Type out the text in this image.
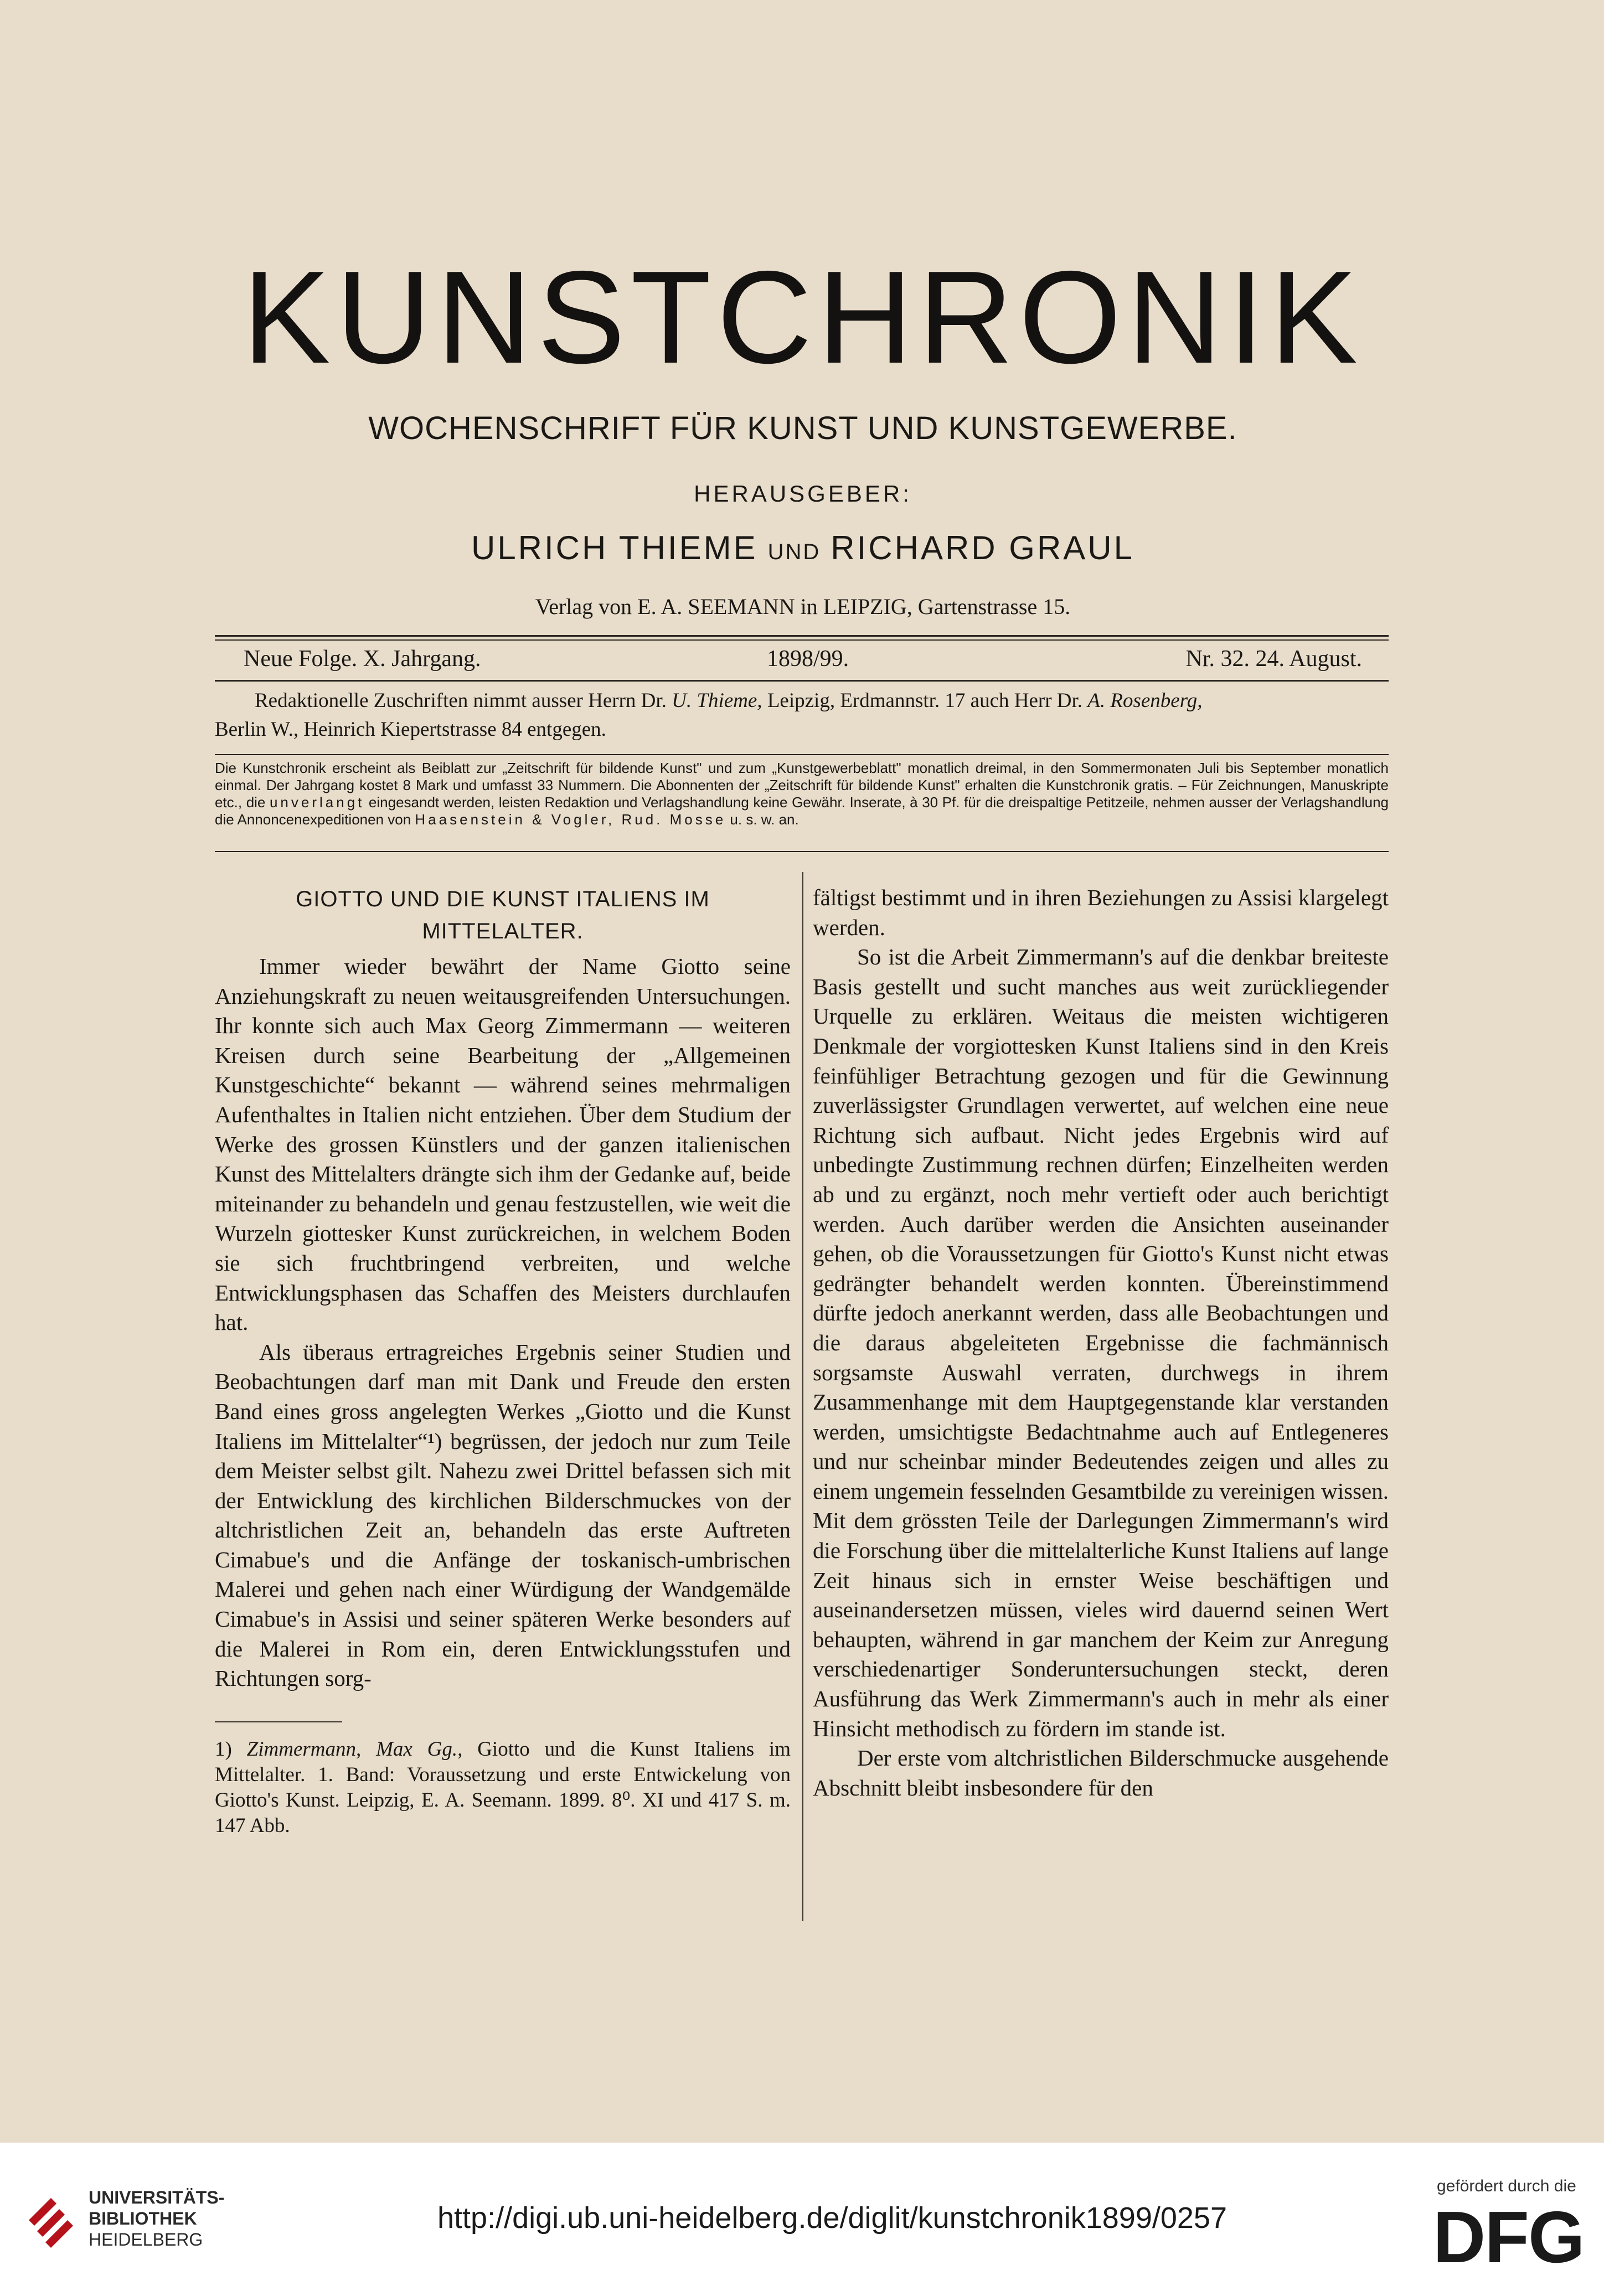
KUNSTCHRONIK
WOCHENSCHRIFT FÜR KUNST UND KUNSTGEWERBE.
HERAUSGEBER:
ULRICH THIEME UND RICHARD GRAUL
Verlag von E. A. SEEMANN in LEIPZIG, Gartenstrasse 15.
Neue Folge. X. Jahrgang.	1898/99.	Nr. 32. 24. August.
Redaktionelle Zuschriften nimmt ausser Herrn Dr. U. Thieme, Leipzig, Erdmannstr. 17 auch Herr Dr. A. Rosenberg,
Berlin W., Heinrich Kiepertstrasse 84 entgegen.
Die Kunstchronik erscheint als Beiblatt zur „Zeitschrift für bildende Kunst" und zum „Kunstgewerbeblatt" monatlich dreimal, in den Sommermonaten Juli bis September monatlich einmal. Der Jahrgang kostet 8 Mark und umfasst 33 Nummern. Die Abonnenten der „Zeitschrift für bildende Kunst" erhalten die Kunstchronik gratis. – Für Zeichnungen, Manuskripte etc., die unverlangt eingesandt werden, leisten Redaktion und Verlagshandlung keine Gewähr. Inserate, à 30 Pf. für die dreispaltige Petitzeile, nehmen ausser der Verlagshandlung die Annoncenexpeditionen von Haasenstein & Vogler, Rud. Mosse u. s. w. an.

GIOTTO UND DIE KUNST ITALIENS IM MITTELALTER.

Immer wieder bewährt der Name Giotto seine Anziehungskraft zu neuen weitausgreifenden Untersuchungen. Ihr konnte sich auch Max Georg Zimmermann — weiteren Kreisen durch seine Bearbeitung der „Allgemeinen Kunstgeschichte“ bekannt — während seines mehrmaligen Aufenthaltes in Italien nicht entziehen. Über dem Studium der Werke des grossen Künstlers und der ganzen italienischen Kunst des Mittelalters drängte sich ihm der Gedanke auf, beide miteinander zu behandeln und genau festzustellen, wie weit die Wurzeln giottesker Kunst zurückreichen, in welchem Boden sie sich fruchtbringend verbreiten, und welche Entwicklungsphasen das Schaffen des Meisters durchlaufen hat.

Als überaus ertragreiches Ergebnis seiner Studien und Beobachtungen darf man mit Dank und Freude den ersten Band eines gross angelegten Werkes „Giotto und die Kunst Italiens im Mittelalter“¹) begrüssen, der jedoch nur zum Teile dem Meister selbst gilt. Nahezu zwei Drittel befassen sich mit der Entwicklung des kirchlichen Bilderschmuckes von der altchristlichen Zeit an, behandeln das erste Auftreten Cimabue's und die Anfänge der toskanisch-umbrischen Malerei und gehen nach einer Würdigung der Wandgemälde Cimabue's in Assisi und seiner späteren Werke besonders auf die Malerei in Rom ein, deren Entwicklungsstufen und Richtungen sorg-

1) Zimmermann, Max Gg., Giotto und die Kunst Italiens im Mittelalter. 1. Band: Voraussetzung und erste Entwickelung von Giotto's Kunst. Leipzig, E. A. Seemann. 1899. 8⁰. XI und 417 S. m. 147 Abb.

fältigst bestimmt und in ihren Beziehungen zu Assisi klargelegt werden.

So ist die Arbeit Zimmermann's auf die denkbar breiteste Basis gestellt und sucht manches aus weit zurückliegender Urquelle zu erklären. Weitaus die meisten wichtigeren Denkmale der vorgiottesken Kunst Italiens sind in den Kreis feinfühliger Betrachtung gezogen und für die Gewinnung zuverlässigster Grundlagen verwertet, auf welchen eine neue Richtung sich aufbaut. Nicht jedes Ergebnis wird auf unbedingte Zustimmung rechnen dürfen; Einzelheiten werden ab und zu ergänzt, noch mehr vertieft oder auch berichtigt werden. Auch darüber werden die Ansichten auseinander gehen, ob die Voraussetzungen für Giotto's Kunst nicht etwas gedrängter behandelt werden konnten. Übereinstimmend dürfte jedoch anerkannt werden, dass alle Beobachtungen und die daraus abgeleiteten Ergebnisse die fachmännisch sorgsamste Auswahl verraten, durchwegs in ihrem Zusammenhange mit dem Hauptgegenstande klar verstanden werden, umsichtigste Bedachtnahme auch auf Entlegeneres und nur scheinbar minder Bedeutendes zeigen und alles zu einem ungemein fesselnden Gesamtbilde zu vereinigen wissen. Mit dem grössten Teile der Darlegungen Zimmermann's wird die Forschung über die mittelalterliche Kunst Italiens auf lange Zeit hinaus sich in ernster Weise beschäftigen und auseinandersetzen müssen, vieles wird dauernd seinen Wert behaupten, während in gar manchem der Keim zur Anregung verschiedenartiger Sonderuntersuchungen steckt, deren Ausführung das Werk Zimmermann's auch in mehr als einer Hinsicht methodisch zu fördern im stande ist.

Der erste vom altchristlichen Bilderschmucke ausgehende Abschnitt bleibt insbesondere für den

UNIVERSITÄTS-
BIBLIOTHEK
HEIDELBERG
http://digi.ub.uni-heidelberg.de/diglit/kunstchronik1899/0257
gefördert durch die
DFG
